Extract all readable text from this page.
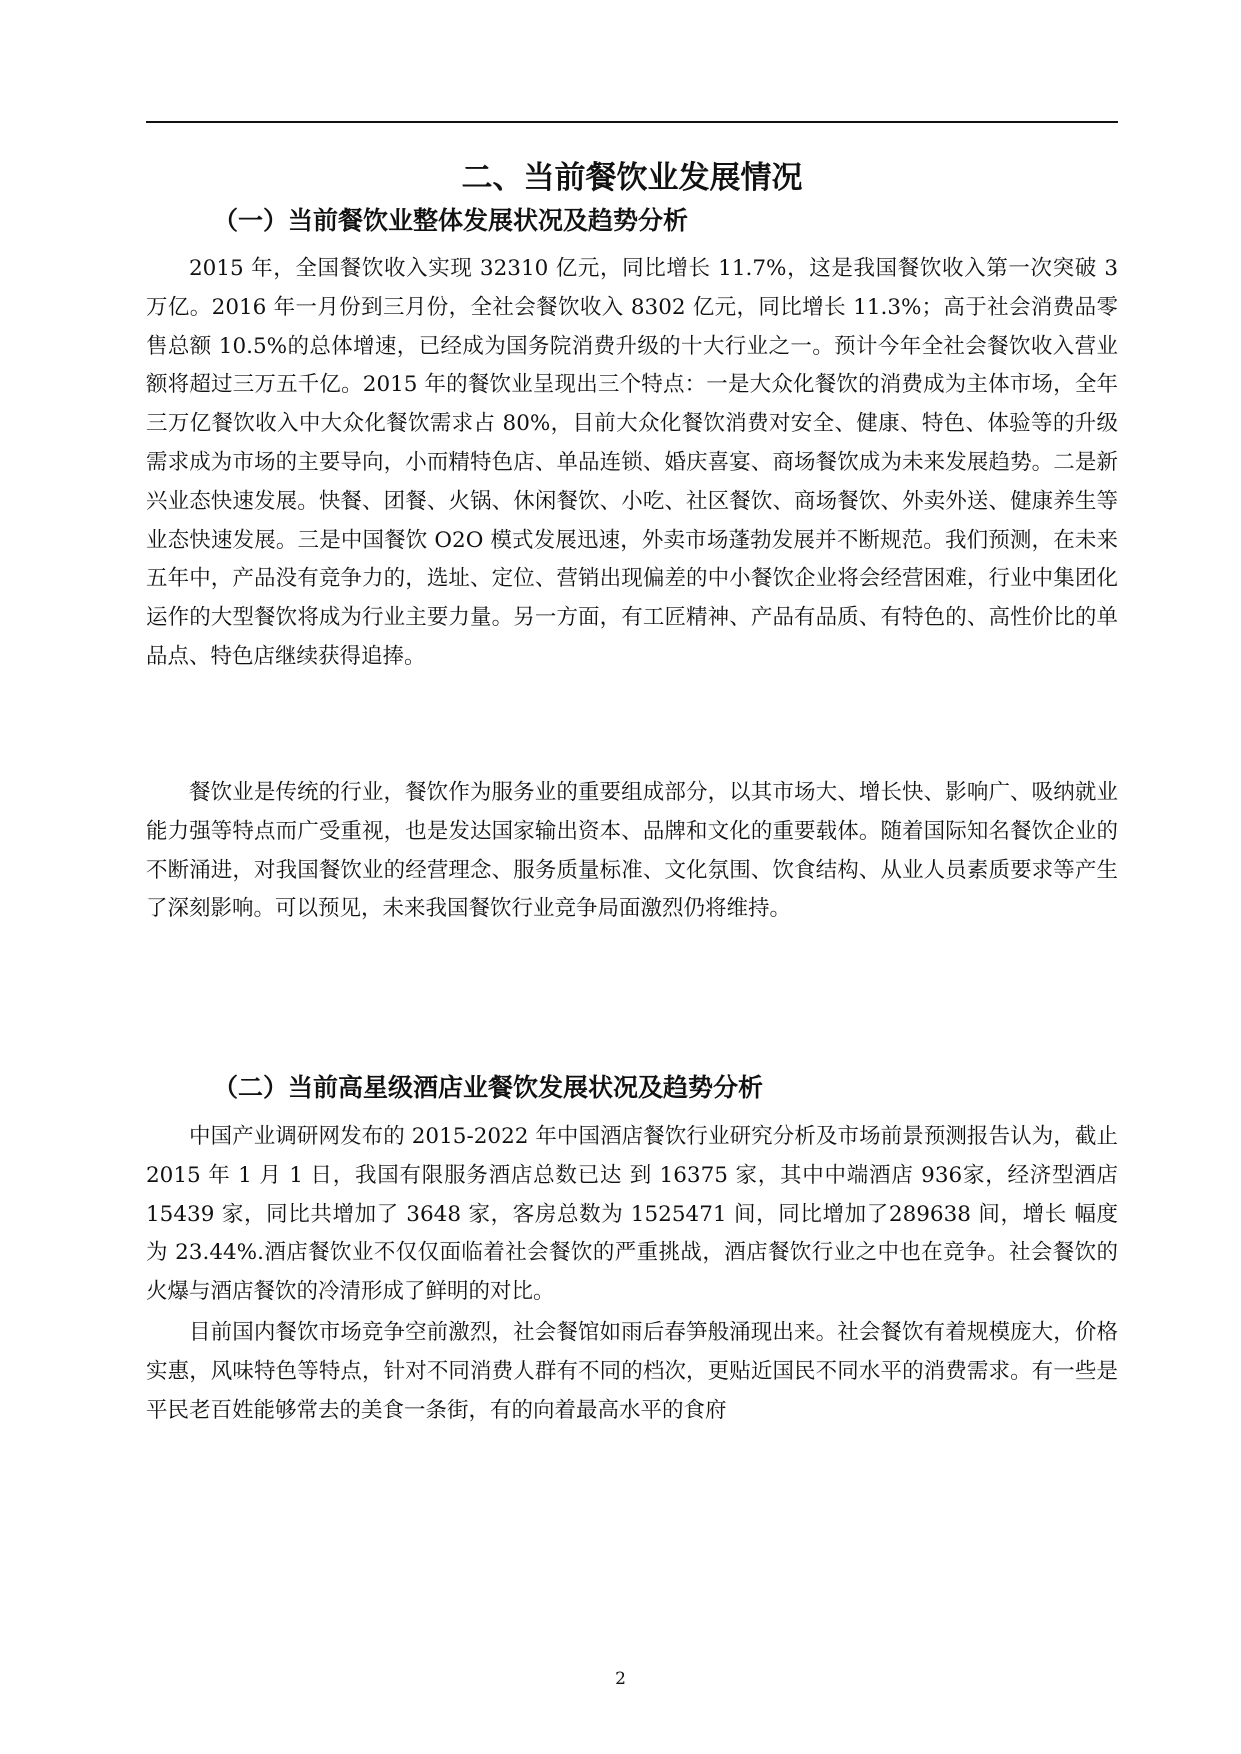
二、当前餐饮业发展情况
（一）当前餐饮业整体发展状况及趋势分析

2015 年，全国餐饮收入实现 32310 亿元，同比增长 11.7%，这是我国餐饮收入第一次突破 3 万亿。2016 年一月份到三月份，全社会餐饮收入 8302 亿元，同比增长 11.3%；高于社会消费品零售总额 10.5%的总体增速，已经成为国务院消费升级的十大行业之一。预计今年全社会餐饮收入营业额将超过三万五千亿。2015 年的餐饮业呈现出三个特点：一是大众化餐饮的消费成为主体市场，全年三万亿餐饮收入中大众化餐饮需求占 80%，目前大众化餐饮消费对安全、健康、特色、体验等的升级需求成为市场的主要导向，小而精特色店、单品连锁、婚庆喜宴、商场餐饮成为未来发展趋势。二是新兴业态快速发展。快餐、团餐、火锅、休闲餐饮、小吃、社区餐饮、商场餐饮、外卖外送、健康养生等业态快速发展。三是中国餐饮 O2O 模式发展迅速，外卖市场蓬勃发展并不断规范。我们预测，在未来五年中，产品没有竞争力的，选址、定位、营销出现偏差的中小餐饮企业将会经营困难，行业中集团化运作的大型餐饮将成为行业主要力量。另一方面，有工匠精神、产品有品质、有特色的、高性价比的单品点、特色店继续获得追捧。

餐饮业是传统的行业，餐饮作为服务业的重要组成部分，以其市场大、增长快、影响广、吸纳就业能力强等特点而广受重视，也是发达国家输出资本、品牌和文化的重要载体。随着国际知名餐饮企业的不断涌进，对我国餐饮业的经营理念、服务质量标准、文化氛围、饮食结构、从业人员素质要求等产生了深刻影响。可以预见，未来我国餐饮行业竞争局面激烈仍将维持。

（二）当前高星级酒店业餐饮发展状况及趋势分析

中国产业调研网发布的 2015-2022 年中国酒店餐饮行业研究分析及市场前景预测报告认为，截止 2015 年 1 月 1 日，我国有限服务酒店总数已达 到 16375 家，其中中端酒店 936家，经济型酒店 15439 家，同比共增加了 3648 家，客房总数为 1525471 间，同比增加了289638 间，增长 幅度为 23.44%.酒店餐饮业不仅仅面临着社会餐饮的严重挑战，酒店餐饮行业之中也在竞争。社会餐饮的火爆与酒店餐饮的冷清形成了鲜明的对比。

目前国内餐饮市场竞争空前激烈，社会餐馆如雨后春笋般涌现出来。社会餐饮有着规模庞大，价格实惠，风味特色等特点，针对不同消费人群有不同的档次，更贴近国民不同水平的消费需求。有一些是平民老百姓能够常去的美食一条街，有的向着最高水平的食府

2
